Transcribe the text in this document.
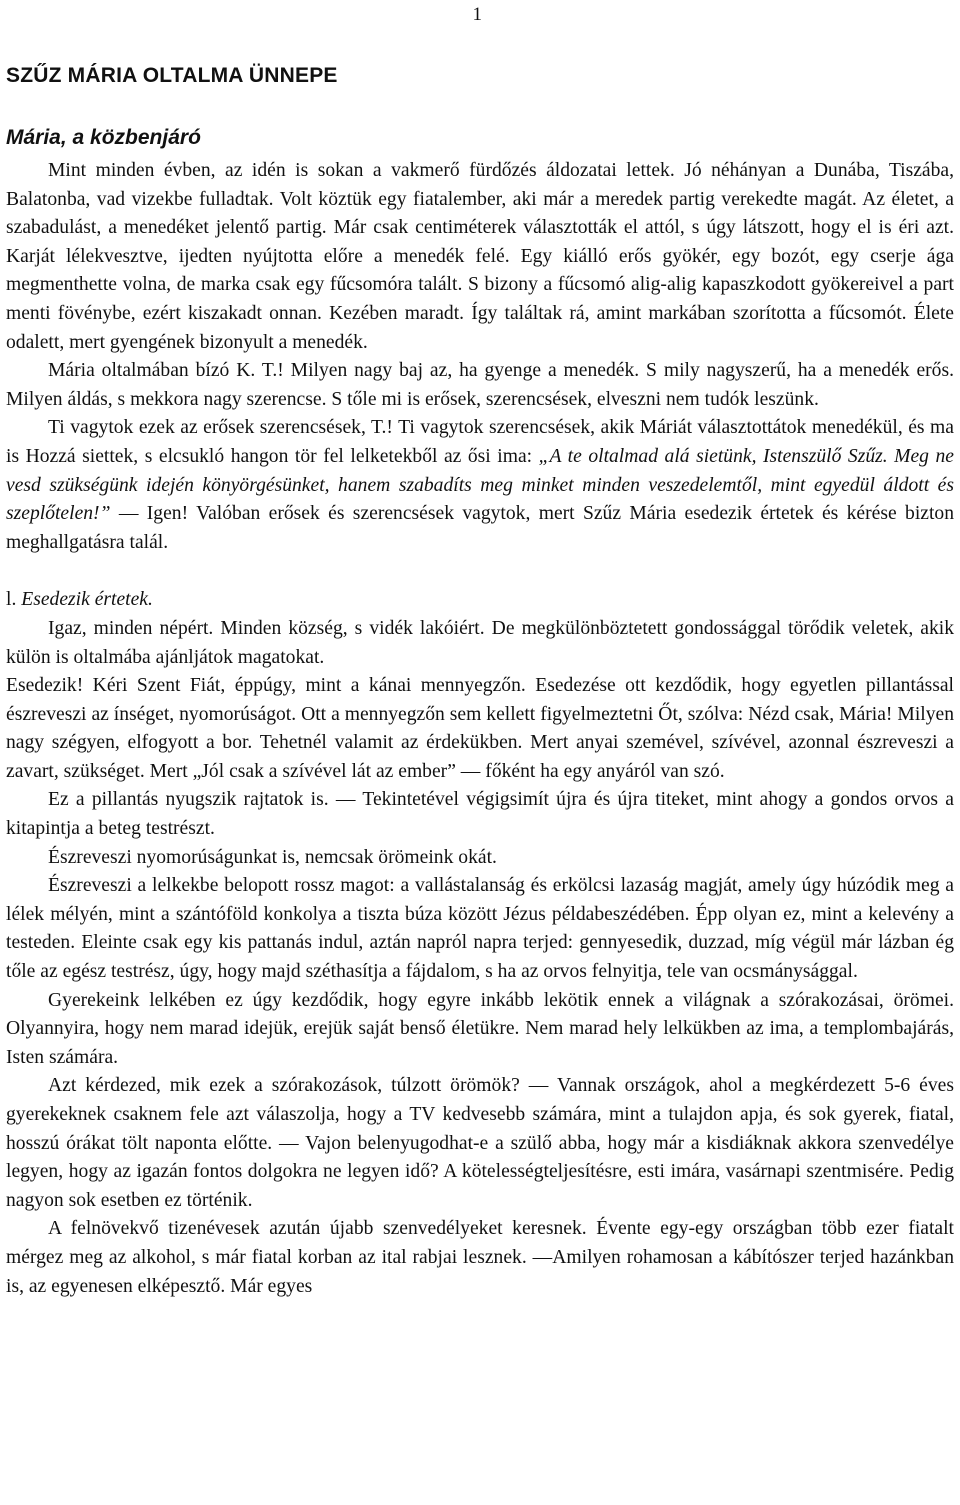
1
SZŰZ MÁRIA OLTALMA ÜNNEPE
Mária, a közbenjáró

Mint minden évben, az idén is sokan a vakmerő fürdőzés áldozatai lettek. Jó néhányan a Dunába, Tiszába, Balatonba, vad vizekbe fulladtak. Volt köztük egy fiatalember, aki már a meredek partig verekedte magát. Az életet, a szabadulást, a menedéket jelentő partig. Már csak centiméterek választották el attól, s úgy látszott, hogy el is éri azt. Karját lélekvesztve, ijedten nyújtotta előre a menedék felé. Egy kiálló erős gyökér, egy bozót, egy cserje ága megmenthette volna, de marka csak egy fűcsomóra talált. S bizony a fűcsomó alig-alig kapaszkodott gyökereivel a part menti fövénybe, ezért kiszakadt onnan. Kezében maradt. Így találtak rá, amint markában szorította a fűcsomót. Élete odalett, mert gyengének bizonyult a menedék.

Mária oltalmában bízó K. T.! Milyen nagy baj az, ha gyenge a menedék. S mily nagyszerű, ha a menedék erős. Milyen áldás, s mekkora nagy szerencse. S tőle mi is erősek, szerencsések, elveszni nem tudók leszünk.

Ti vagytok ezek az erősek szerencsések, T.! Ti vagytok szerencsések, akik Máriát választottátok menedékül, és ma is Hozzá siettek, s elcsukló hangon tör fel lelketekből az ősi ima: „A te oltalmad alá sietünk, Istenszülő Szűz. Meg ne vesd szükségünk idején könyörgésünket, hanem szabadíts meg minket minden veszedelemtől, mint egyedül áldott és szeplőtelen!” ― Igen! Valóban erősek és szerencsések vagytok, mert Szűz Mária esedezik értetek és kérése bizton meghallgatásra talál.

l. Esedezik értetek.

Igaz, minden népért. Minden község, s vidék lakóiért. De megkülönböztetett gondossággal törődik veletek, akik külön is oltalmába ajánljátok magatokat.

Esedezik! Kéri Szent Fiát, éppúgy, mint a kánai mennyegzőn. Esedezése ott kezdődik, hogy egyetlen pillantással észreveszi az ínséget, nyomorúságot. Ott a mennyegzőn sem kellett figyelmeztetni Őt, szólva: Nézd csak, Mária! Milyen nagy szégyen, elfogyott a bor. Tehetnél valamit az érdekükben. Mert anyai szemével, szívével, azonnal észreveszi a zavart, szükséget. Mert „Jól csak a szívével lát az ember” ― főként ha egy anyáról van szó.

Ez a pillantás nyugszik rajtatok is. ― Tekintetével végigsimít újra és újra titeket, mint ahogy a gondos orvos a kitapintja a beteg testrészt.

Észreveszi nyomorúságunkat is, nemcsak örömeink okát.

Észreveszi a lelkekbe belopott rossz magot: a vallástalanság és erkölcsi lazaság magját, amely úgy húzódik meg a lélek mélyén, mint a szántóföld konkolya a tiszta búza között Jézus példabeszédében. Épp olyan ez, mint a kelevény a testeden. Eleinte csak egy kis pattanás indul, aztán napról napra terjed: gennyesedik, duzzad, míg végül már lázban ég tőle az egész testrész, úgy, hogy majd széthasítja a fájdalom, s ha az orvos felnyitja, tele van ocsmánysággal.

Gyerekeink lelkében ez úgy kezdődik, hogy egyre inkább lekötik ennek a világnak a szórakozásai, örömei. Olyannyira, hogy nem marad idejük, erejük saját benső életükre. Nem marad hely lelkükben az ima, a templombajárás, Isten számára.

Azt kérdezed, mik ezek a szórakozások, túlzott örömök? ― Vannak országok, ahol a megkérdezett 5-6 éves gyerekeknek csaknem fele azt válaszolja, hogy a TV kedvesebb számára, mint a tulajdon apja, és sok gyerek, fiatal, hosszú órákat tölt naponta előtte. ― Vajon belenyugodhat-e a szülő abba, hogy már a kisdiáknak akkora szenvedélye legyen, hogy az igazán fontos dolgokra ne legyen idő? A kötelességteljesítésre, esti imára, vasárnapi szentmisére. Pedig nagyon sok esetben ez történik.

A felnövekvő tizenévesek azután újabb szenvedélyeket keresnek. Évente egy-egy országban több ezer fiatalt mérgez meg az alkohol, s már fiatal korban az ital rabjai lesznek. ―Amilyen rohamosan a kábítószer terjed hazánkban is, az egyenesen elképesztő. Már egyes
